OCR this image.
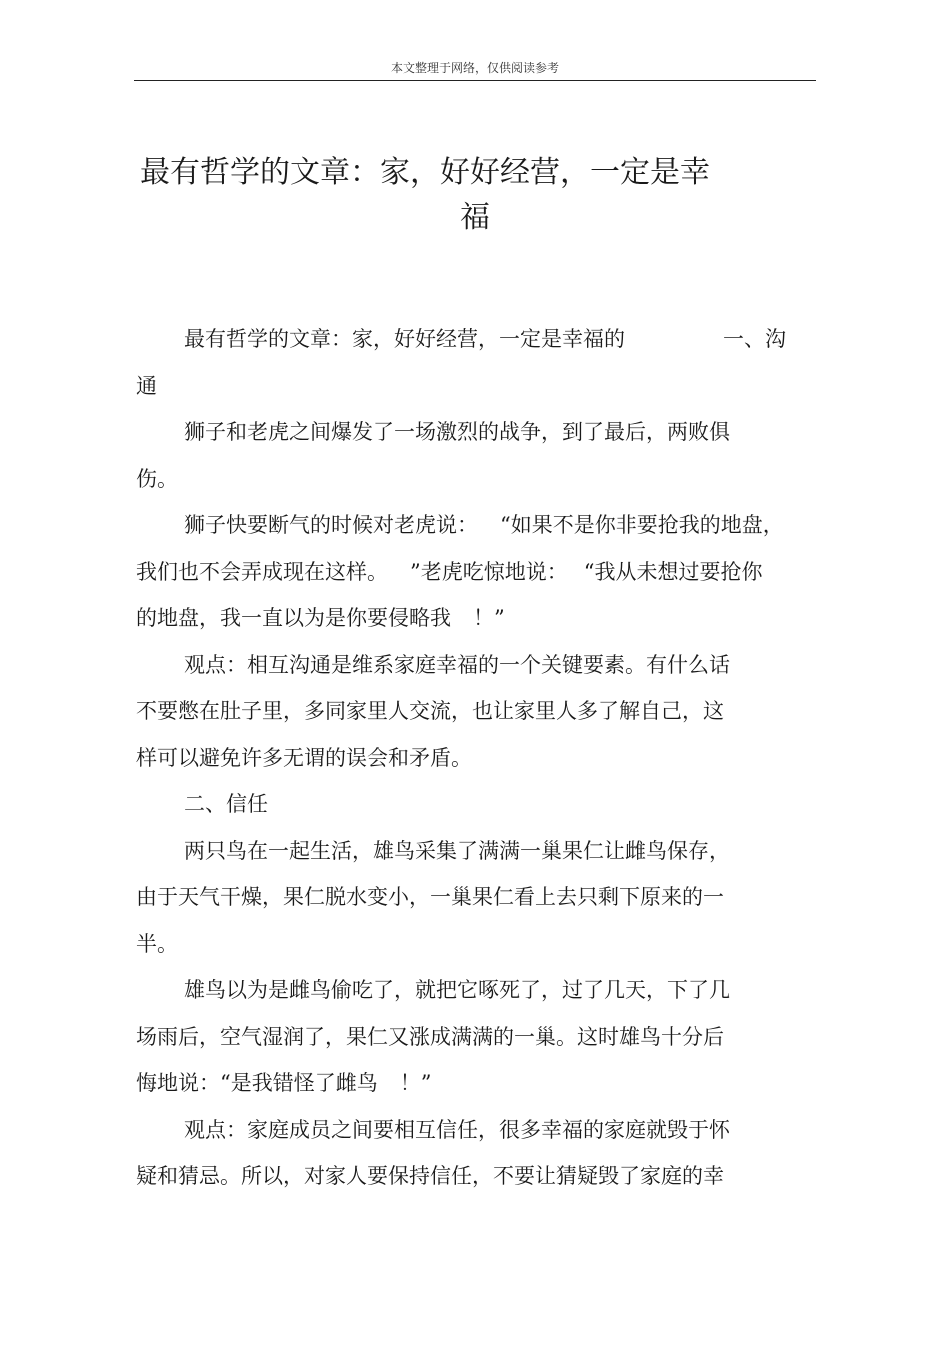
本文整理于网络，仅供阅读参考
最有哲学的文章：家，好好经营，一定是幸
福
最有哲学的文章：家，好好经营，一定是幸福的	一、沟
通
狮子和老虎之间爆发了一场激烈的战争，到了最后，两败俱
伤。
狮子快要断气的时候对老虎说： “如果不是你非要抢我的地盘，
我们也不会弄成现在这样。 ”老虎吃惊地说： “我从未想过要抢你
的地盘，我一直以为是你要侵略我 ！”
观点：相互沟通是维系家庭幸福的一个关键要素。有什么话
不要憋在肚子里，多同家里人交流，也让家里人多了解自己，这
样可以避免许多无谓的误会和矛盾。
二、信任
两只鸟在一起生活，雄鸟采集了满满一巢果仁让雌鸟保存，
由于天气干燥，果仁脱水变小，一巢果仁看上去只剩下原来的一
半。
雄鸟以为是雌鸟偷吃了，就把它啄死了，过了几天，下了几
场雨后，空气湿润了，果仁又涨成满满的一巢。这时雄鸟十分后
悔地说：“是我错怪了雌鸟 ！”
观点：家庭成员之间要相互信任，很多幸福的家庭就毁于怀
疑和猜忌。所以，对家人要保持信任，不要让猜疑毁了家庭的幸
